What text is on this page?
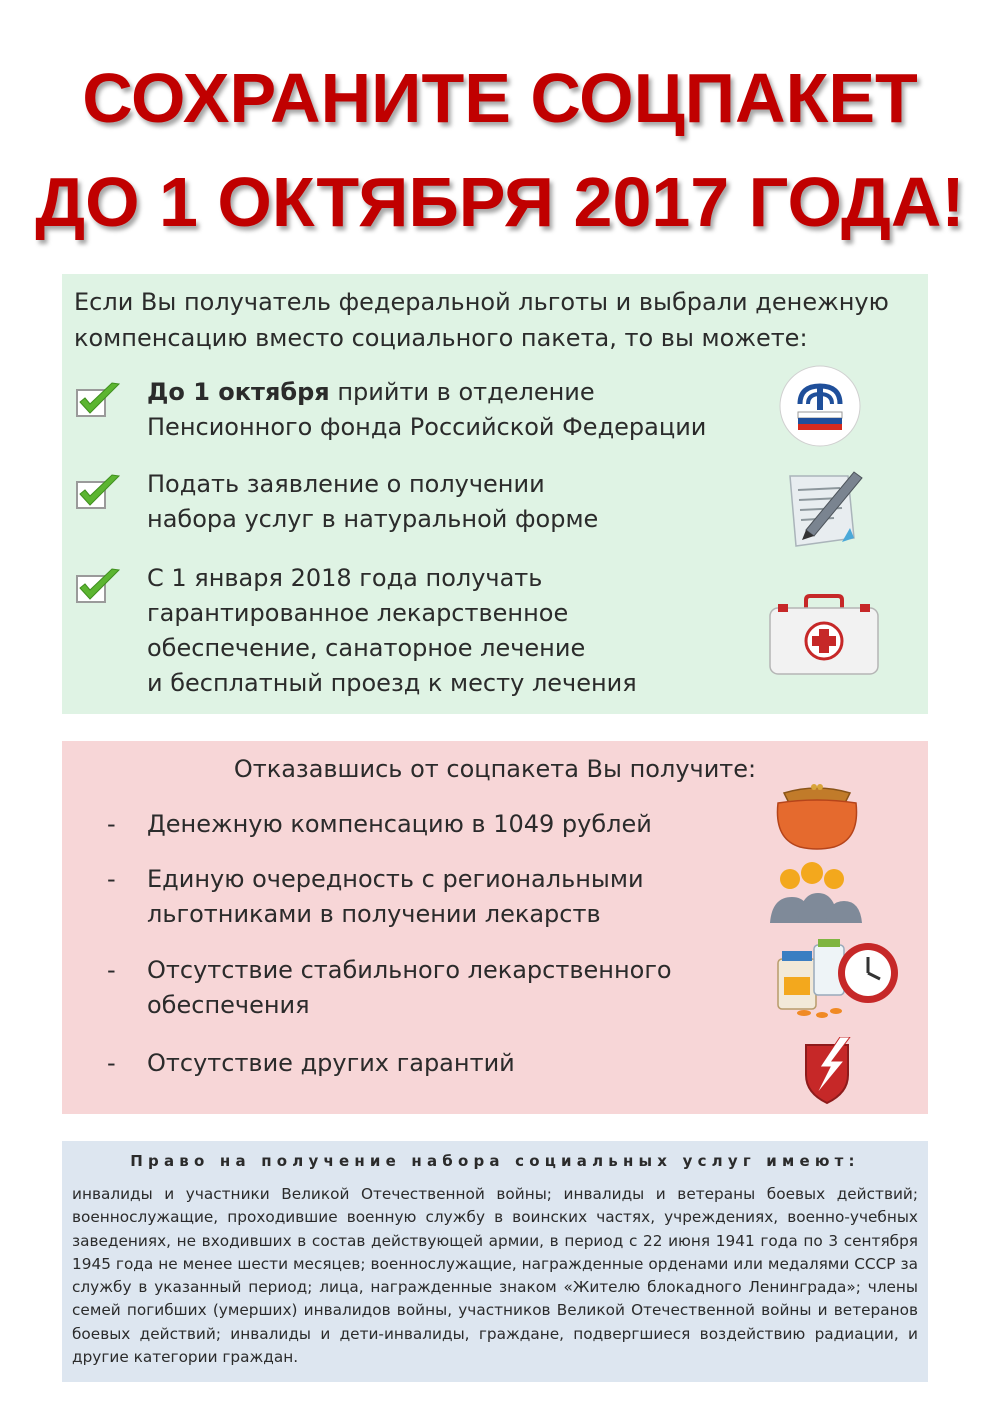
СОХРАНИТЕ СОЦПАКЕТ
ДО 1 ОКТЯБРЯ 2017 ГОДА!
Если Вы получатель федеральной льготы и выбрали денежную компенсацию вместо социального пакета, то вы можете:
До 1 октября прийти в отделение
Пенсионного фонда Российской Федерации
Подать заявление о получении
набора услуг в натуральной форме
С 1 января 2018 года получать
гарантированное лекарственное
обеспечение, санаторное лечение
и бесплатный проезд к месту лечения
Отказавшись от соцпакета Вы получите:
- Денежную компенсацию в 1049 рублей
- Единую очередность с региональными
льготниками в получении лекарств
- Отсутствие стабильного лекарственного
обеспечения
- Отсутствие других гарантий
Право на получение набора социальных услуг имеют:
инвалиды и участники Великой Отечественной войны; инвалиды и ветераны боевых действий; военнослужащие, проходившие военную службу в воинских частях, учреждениях, военно-учебных заведениях, не входивших в состав действующей армии, в период с 22 июня 1941 года по 3 сентября 1945 года не менее шести месяцев; военнослужащие, награжденные орденами или медалями СССР за службу в указанный период; лица, награжденные знаком «Жителю блокадного Ленинграда»; члены семей погибших (умерших) инвалидов войны, участников Великой Отечественной войны и ветеранов боевых действий; инвалиды и дети-инвалиды, граждане, подвергшиеся воздействию радиации, и другие категории граждан.
